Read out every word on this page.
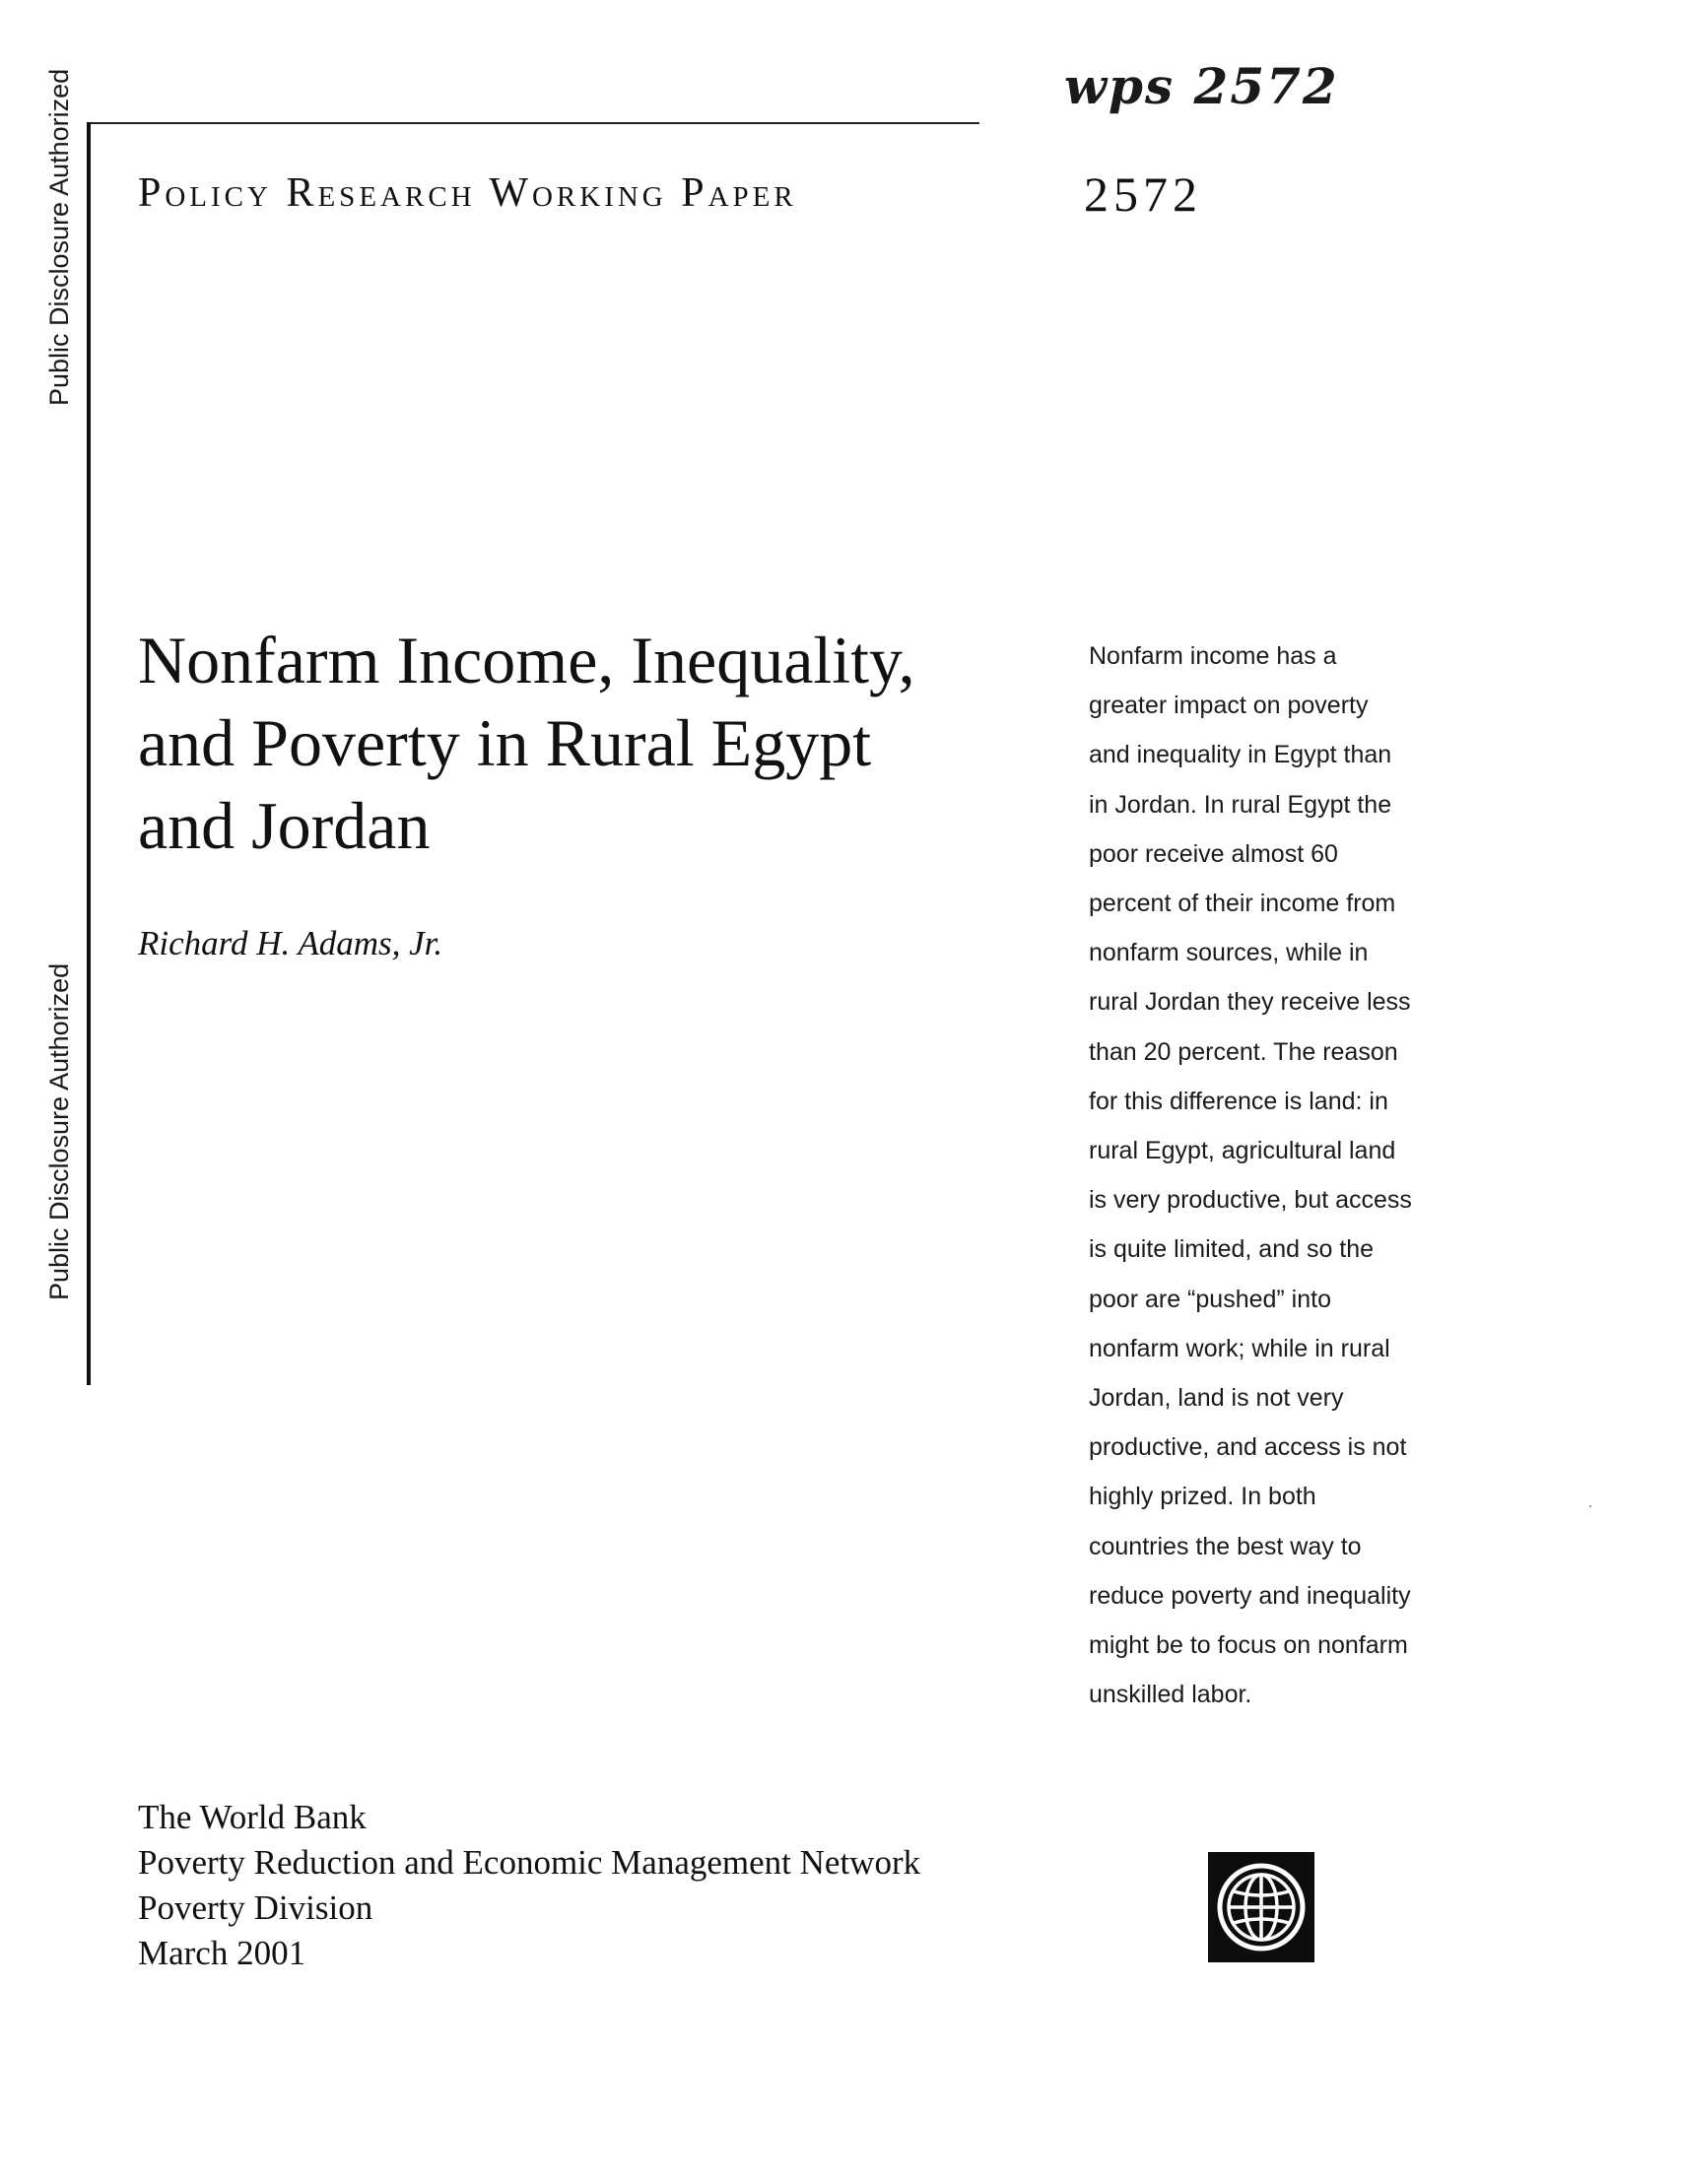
Public Disclosure Authorized
Public Disclosure Authorized
wps 2572
Policy Research Working Paper	2572
Nonfarm Income, Inequality,
and Poverty in Rural Egypt
and Jordan
Richard H. Adams, Jr.
Nonfarm income has a
greater impact on poverty
and inequality in Egypt than
in Jordan. In rural Egypt the
poor receive almost 60
percent of their income from
nonfarm sources, while in
rural Jordan they receive less
than 20 percent. The reason
for this difference is land: in
rural Egypt, agricultural land
is very productive, but access
is quite limited, and so the
poor are “pushed” into
nonfarm work; while in rural
Jordan, land is not very
productive, and access is not
highly prized. In both
countries the best way to
reduce poverty and inequality
might be to focus on nonfarm
unskilled labor.
The World Bank
Poverty Reduction and Economic Management Network
Poverty Division
March 2001
